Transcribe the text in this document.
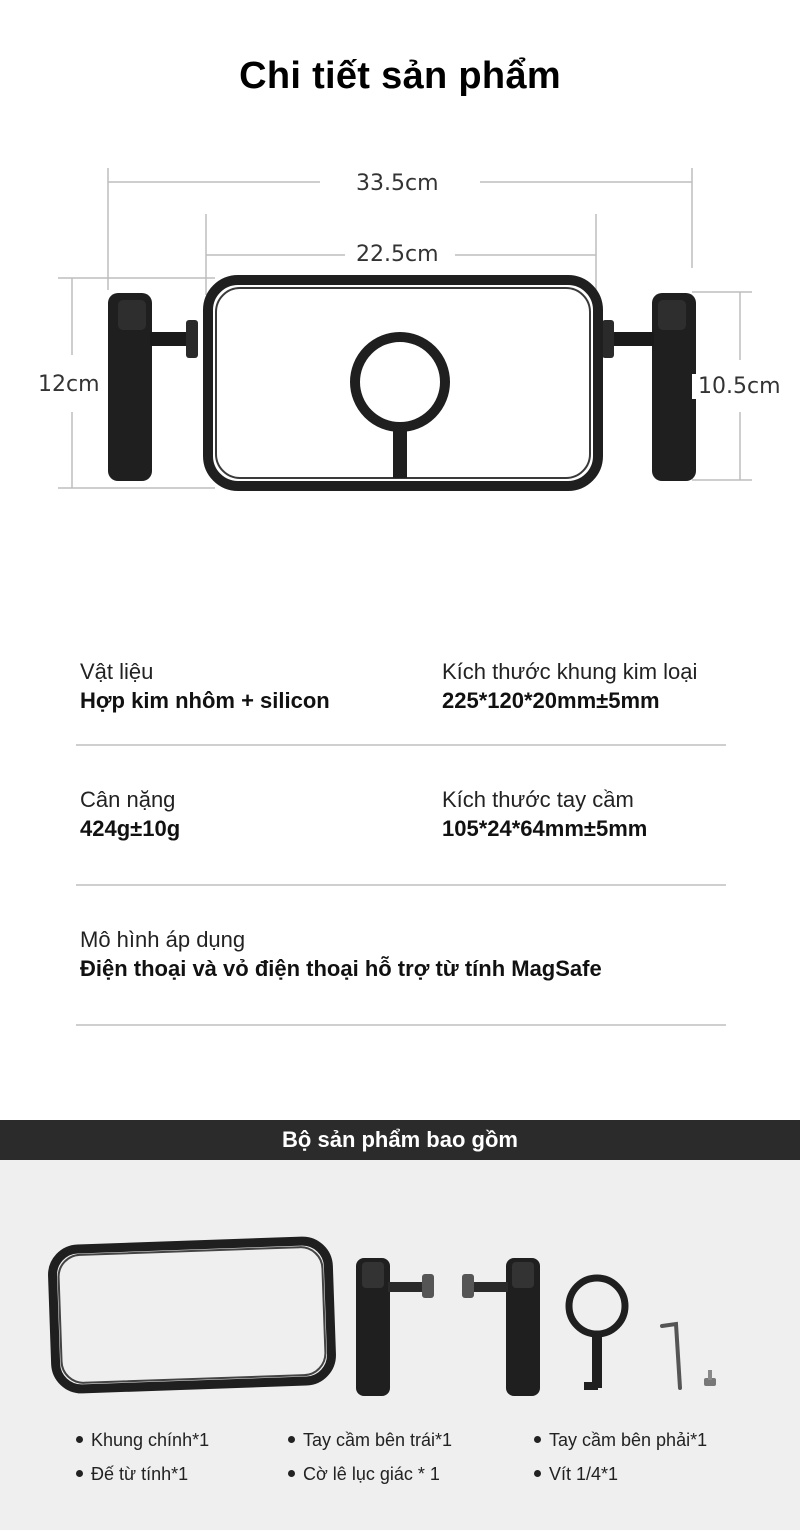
Chi tiết sản phẩm
33.5cm
22.5cm
12cm	10.5cm
Vật liệu
Hợp kim nhôm + silicon
Kích thước khung kim loại
225*120*20mm±5mm
Cân nặng
424g±10g
Kích thước tay cầm
105*24*64mm±5mm
Mô hình áp dụng
Điện thoại và vỏ điện thoại hỗ trợ từ tính MagSafe
Bộ sản phẩm bao gồm
Khung chính*1	Tay cầm bên trái*1	Tay cầm bên phải*1
Đế từ tính*1	Cờ lê lục giác * 1	Vít 1/4*1
